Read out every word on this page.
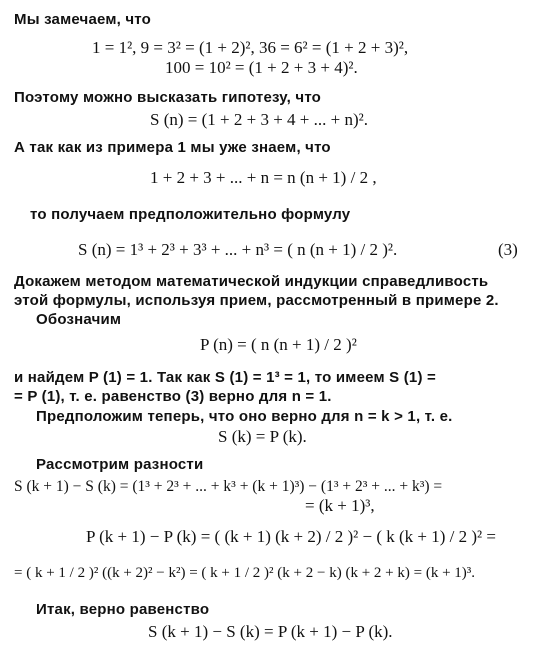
Мы замечаем, что
1 = 1², 9 = 3² = (1 + 2)², 36 = 6² = (1 + 2 + 3)²,
100 = 10² = (1 + 2 + 3 + 4)².
Поэтому можно высказать гипотезу, что
S (n) = (1 + 2 + 3 + 4 + ... + n)².
А так как из примера 1 мы уже знаем, что
1 + 2 + 3 + ... + n = n (n + 1) / 2 ,
то получаем предположительно формулу
S (n) = 1³ + 2³ + 3³ + ... + n³ = ( n (n + 1) / 2 )².	(3)
Докажем методом математической индукции справедливость
этой формулы, используя прием, рассмотренный в примере 2.
Обозначим
P (n) = ( n (n + 1) / 2 )²
и найдем P (1) = 1. Так как S (1) = 1³ = 1, то имеем S (1) =
= P (1), т. е. равенство (3) верно для n = 1.
Предположим теперь, что оно верно для n = k > 1, т. е.
S (k) = P (k).
Рассмотрим разности
S (k + 1) − S (k) = (1³ + 2³ + ... + k³ + (k + 1)³) − (1³ + 2³ + ... + k³) =
= (k + 1)³,
P (k + 1) − P (k) = ( (k + 1) (k + 2) / 2 )² − ( k (k + 1) / 2 )² =
= ( k + 1 / 2 )² ((k + 2)² − k²) = ( k + 1 / 2 )² (k + 2 − k) (k + 2 + k) = (k + 1)³.
Итак, верно равенство
S (k + 1) − S (k) = P (k + 1) − P (k).
